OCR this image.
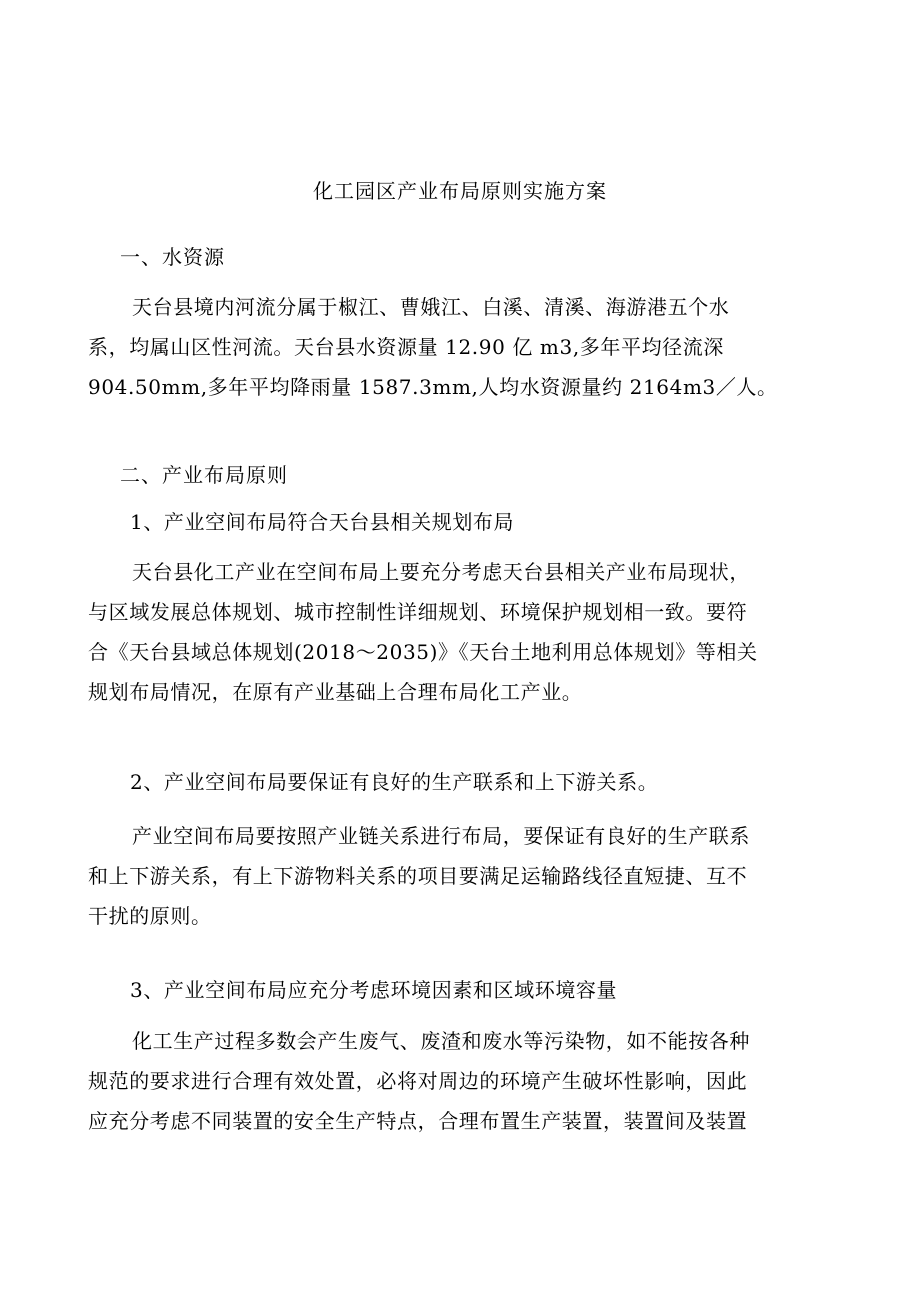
化工园区产业布局原则实施方案
一、水资源
天台县境内河流分属于椒江、曹娥江、白溪、清溪、海游港五个水
系，均属山区性河流。天台县水资源量 12.90 亿 m3,多年平均径流深
904.50mm,多年平均降雨量 1587.3mm,人均水资源量约 2164m3／人。
二、产业布局原则
1、产业空间布局符合天台县相关规划布局
天台县化工产业在空间布局上要充分考虑天台县相关产业布局现状，
与区域发展总体规划、城市控制性详细规划、环境保护规划相一致。要符
合《天台县域总体规划(2018～2035)》《天台土地利用总体规划》等相关
规划布局情况，在原有产业基础上合理布局化工产业。
2、产业空间布局要保证有良好的生产联系和上下游关系。
产业空间布局要按照产业链关系进行布局，要保证有良好的生产联系
和上下游关系，有上下游物料关系的项目要满足运输路线径直短捷、互不
干扰的原则。
3、产业空间布局应充分考虑环境因素和区域环境容量
化工生产过程多数会产生废气、废渣和废水等污染物，如不能按各种
规范的要求进行合理有效处置，必将对周边的环境产生破坏性影响，因此
应充分考虑不同装置的安全生产特点，合理布置生产装置，装置间及装置
